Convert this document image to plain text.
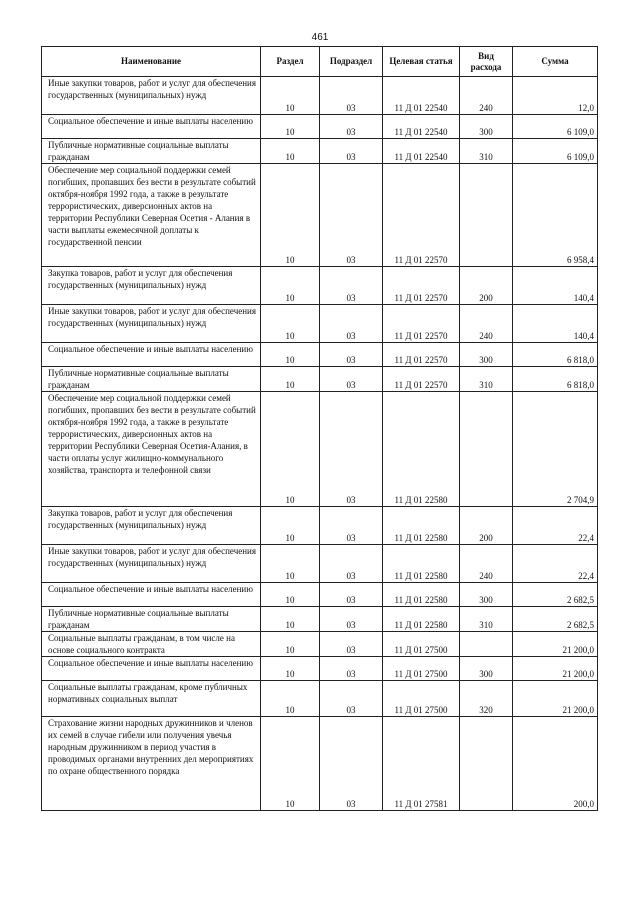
461
Наименование	Раздел	Подраздел	Целевая статья	Вид расхода	Сумма
Иные закупки товаров, работ и услуг для обеспечения государственных (муниципальных) нужд	10	03	11 Д 01 22540	240	12,0
Социальное обеспечение и иные выплаты населению	10	03	11 Д 01 22540	300	6 109,0
Публичные нормативные социальные выплаты гражданам	10	03	11 Д 01 22540	310	6 109,0
Обеспечение мер социальной поддержки семей погибших, пропавших без вести в результате событий октября-ноября 1992 года, а также в результате террористических, диверсионных актов на территории Республики Северная Осетия - Алания в части выплаты ежемесячной доплаты к государственной пенсии	10	03	11 Д 01 22570		6 958,4
Закупка товаров, работ и услуг для обеспечения государственных (муниципальных) нужд	10	03	11 Д 01 22570	200	140,4
Иные закупки товаров, работ и услуг для обеспечения государственных (муниципальных) нужд	10	03	11 Д 01 22570	240	140,4
Социальное обеспечение и иные выплаты населению	10	03	11 Д 01 22570	300	6 818,0
Публичные нормативные социальные выплаты гражданам	10	03	11 Д 01 22570	310	6 818,0
Обеспечение мер социальной поддержки семей погибших, пропавших без вести в результате событий октября-ноября 1992 года, а также в результате террористических, диверсионных актов на территории Республики Северная Осетия-Алания, в части оплаты услуг жилищно-коммунального хозяйства, транспорта и телефонной связи	10	03	11 Д 01 22580		2 704,9
Закупка товаров, работ и услуг для обеспечения государственных (муниципальных) нужд	10	03	11 Д 01 22580	200	22,4
Иные закупки товаров, работ и услуг для обеспечения государственных (муниципальных) нужд	10	03	11 Д 01 22580	240	22,4
Социальное обеспечение и иные выплаты населению	10	03	11 Д 01 22580	300	2 682,5
Публичные нормативные социальные выплаты гражданам	10	03	11 Д 01 22580	310	2 682,5
Социальные выплаты гражданам, в том числе на основе социального контракта	10	03	11 Д 01 27500		21 200,0
Социальное обеспечение и иные выплаты населению	10	03	11 Д 01 27500	300	21 200,0
Социальные выплаты гражданам, кроме публичных нормативных социальных выплат	10	03	11 Д 01 27500	320	21 200,0
Страхование жизни народных дружинников и членов их семей в случае гибели или получения увечья народным дружинником в период участия в проводимых органами внутренних дел мероприятиях по охране общественного порядка	10	03	11 Д 01 27581		200,0
